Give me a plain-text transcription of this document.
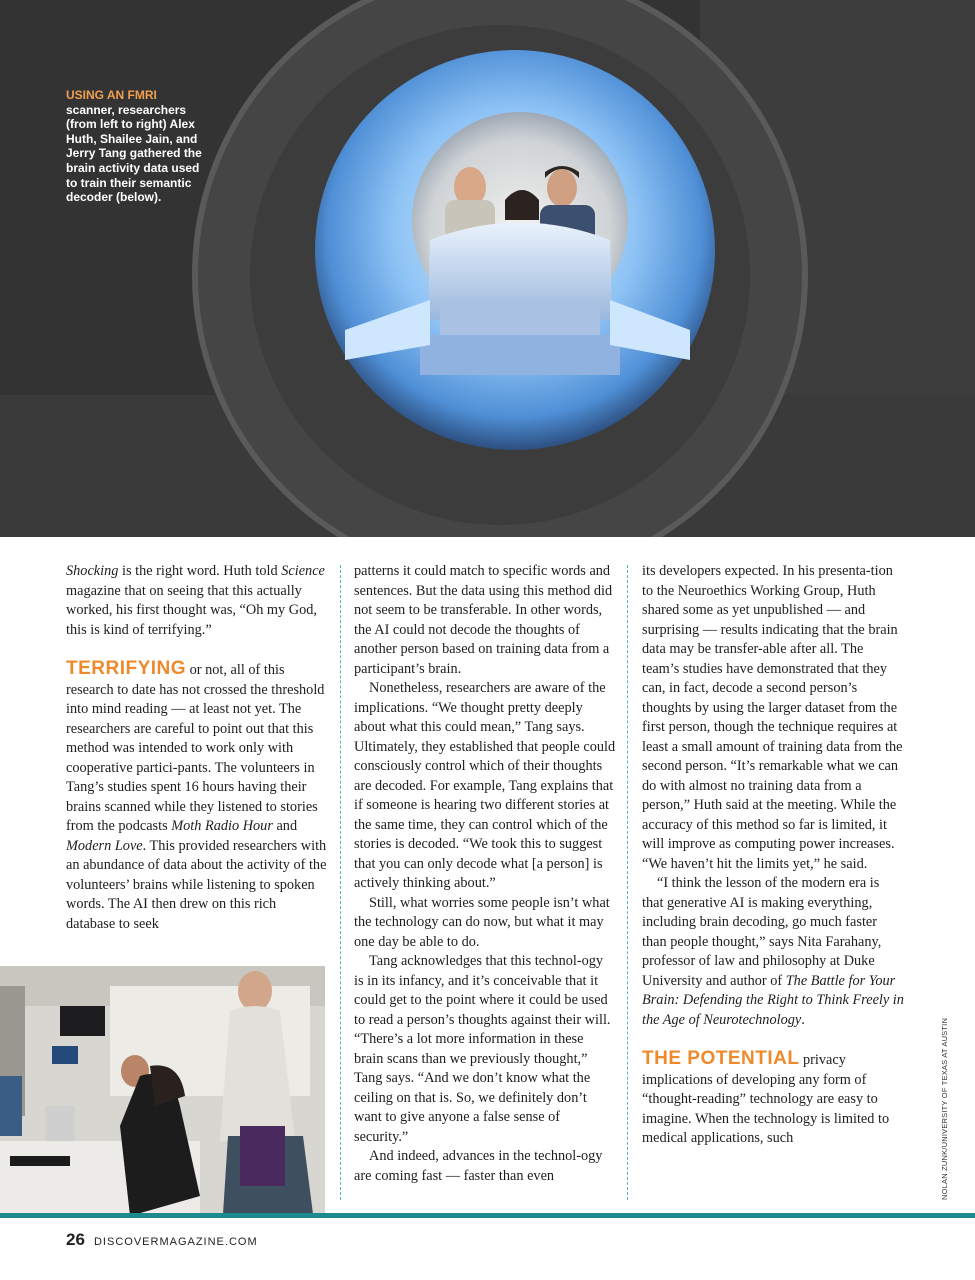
USING AN FMRI
scanner, researchers (from left to right) Alex Huth, Shailee Jain, and Jerry Tang gathered the brain activity data used to train their semantic decoder (below).

Shocking is the right word. Huth told Science magazine that on seeing that this actually worked, his first thought was, “Oh my God, this is kind of terrifying.”

TERRIFYING or not, all of this research to date has not crossed the threshold into mind reading — at least not yet. The researchers are careful to point out that this method was intended to work only with cooperative partici-pants. The volunteers in Tang’s studies spent 16 hours having their brains scanned while they listened to stories from the podcasts Moth Radio Hour and Modern Love. This provided researchers with an abundance of data about the activity of the volunteers’ brains while listening to spoken words. The AI then drew on this rich database to seek

patterns it could match to specific words and sentences. But the data using this method did not seem to be transferable. In other words, the AI could not decode the thoughts of another person based on training data from a participant’s brain.

Nonetheless, researchers are aware of the implications. “We thought pretty deeply about what this could mean,” Tang says. Ultimately, they established that people could consciously control which of their thoughts are decoded. For example, Tang explains that if someone is hearing two different stories at the same time, they can control which of the stories is decoded. “We took this to suggest that you can only decode what [a person] is actively thinking about.”

Still, what worries some people isn’t what the technology can do now, but what it may one day be able to do.

Tang acknowledges that this technol-ogy is in its infancy, and it’s conceivable that it could get to the point where it could be used to read a person’s thoughts against their will. “There’s a lot more information in these brain scans than we previously thought,” Tang says. “And we don’t know what the ceiling on that is. So, we definitely don’t want to give anyone a false sense of security.”

And indeed, advances in the technol-ogy are coming fast — faster than even

its developers expected. In his presenta-tion to the Neuroethics Working Group, Huth shared some as yet unpublished — and surprising — results indicating that the brain data may be transfer-able after all. The team’s studies have demonstrated that they can, in fact, decode a second person’s thoughts by using the larger dataset from the first person, though the technique requires at least a small amount of training data from the second person. “It’s remarkable what we can do with almost no training data from a person,” Huth said at the meeting. While the accuracy of this method so far is limited, it will improve as computing power increases. “We haven’t hit the limits yet,” he said.

“I think the lesson of the modern era is that generative AI is making everything, including brain decoding, go much faster than people thought,” says Nita Farahany, professor of law and philosophy at Duke University and author of The Battle for Your Brain: Defending the Right to Think Freely in the Age of Neurotechnology.

THE POTENTIAL privacy implications of developing any form of “thought-reading” technology are easy to imagine. When the technology is limited to medical applications, such	NOLAN ZUNK/UNIVERSITY OF TEXAS AT AUSTIN
26 DISCOVERMAGAZINE.COM
